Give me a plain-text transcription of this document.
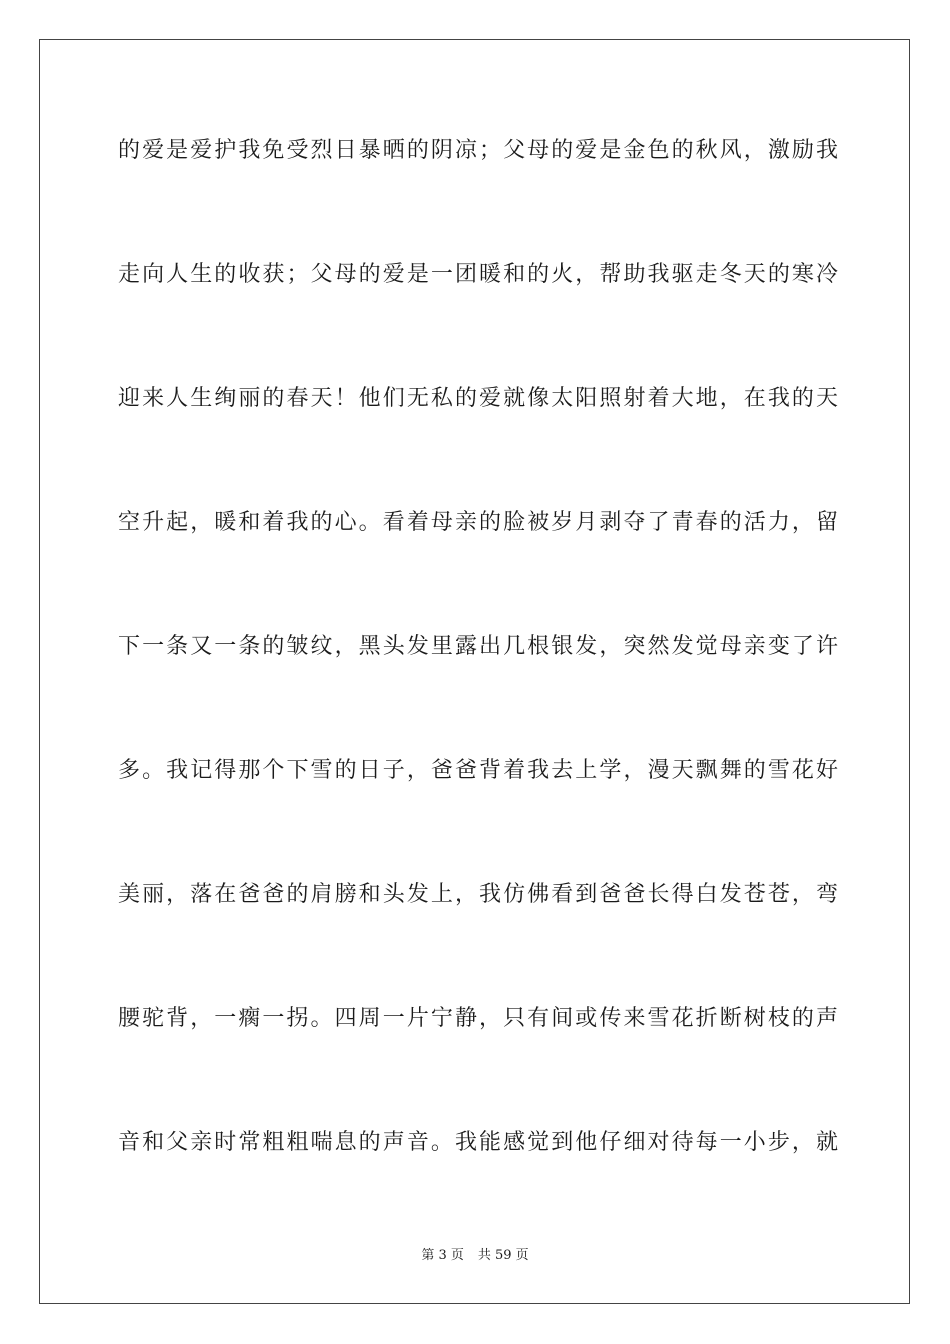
的爱是爱护我免受烈日暴晒的阴凉；父母的爱是金色的秋风，激励我
走向人生的收获；父母的爱是一团暖和的火，帮助我驱走冬天的寒冷
迎来人生绚丽的春天！他们无私的爱就像太阳照射着大地，在我的天
空升起，暖和着我的心。看着母亲的脸被岁月剥夺了青春的活力，留
下一条又一条的皱纹，黑头发里露出几根银发，突然发觉母亲变了许
多。我记得那个下雪的日子，爸爸背着我去上学，漫天飘舞的雪花好
美丽，落在爸爸的肩膀和头发上，我仿佛看到爸爸长得白发苍苍，弯
腰驼背，一瘸一拐。四周一片宁静，只有间或传来雪花折断树枝的声
音和父亲时常粗粗喘息的声音。我能感觉到他仔细对待每一小步，就
第 3 页 共 59 页
